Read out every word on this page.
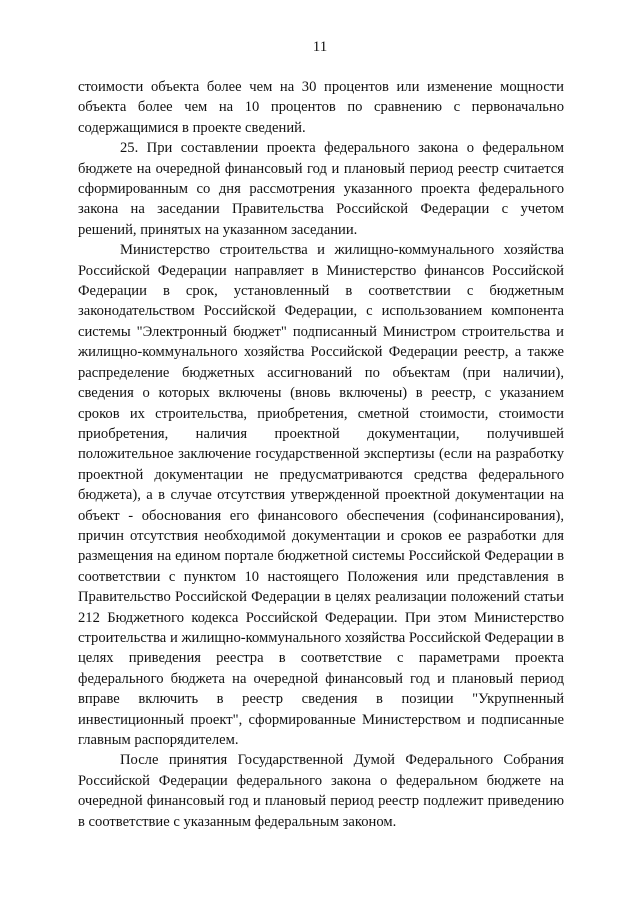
11

стоимости объекта более чем на 30 процентов или изменение мощности объекта более чем на 10 процентов по сравнению с первоначально содержащимися в проекте сведений.

25. При составлении проекта федерального закона о федеральном бюджете на очередной финансовый год и плановый период реестр считается сформированным со дня рассмотрения указанного проекта федерального закона на заседании Правительства Российской Федерации с учетом решений, принятых на указанном заседании.

Министерство строительства и жилищно-коммунального хозяйства Российской Федерации направляет в Министерство финансов Российской Федерации в срок, установленный в соответствии с бюджетным законодательством Российской Федерации, с использованием компонента системы "Электронный бюджет" подписанный Министром строительства и жилищно-коммунального хозяйства Российской Федерации реестр, а также распределение бюджетных ассигнований по объектам (при наличии), сведения о которых включены (вновь включены) в реестр, с указанием сроков их строительства, приобретения, сметной стоимости, стоимости приобретения, наличия проектной документации, получившей положительное заключение государственной экспертизы (если на разработку проектной документации не предусматриваются средства федерального бюджета), а в случае отсутствия утвержденной проектной документации на объект - обоснования его финансового обеспечения (софинансирования), причин отсутствия необходимой документации и сроков ее разработки для размещения на едином портале бюджетной системы Российской Федерации в соответствии с пунктом 10 настоящего Положения или представления в Правительство Российской Федерации в целях реализации положений статьи 212 Бюджетного кодекса Российской Федерации. При этом Министерство строительства и жилищно-коммунального хозяйства Российской Федерации в целях приведения реестра в соответствие с параметрами проекта федерального бюджета на очередной финансовый год и плановый период вправе включить в реестр сведения в позиции "Укрупненный инвестиционный проект", сформированные Министерством и подписанные главным распорядителем.

После принятия Государственной Думой Федерального Собрания Российской Федерации федерального закона о федеральном бюджете на очередной финансовый год и плановый период реестр подлежит приведению в соответствие с указанным федеральным законом.
